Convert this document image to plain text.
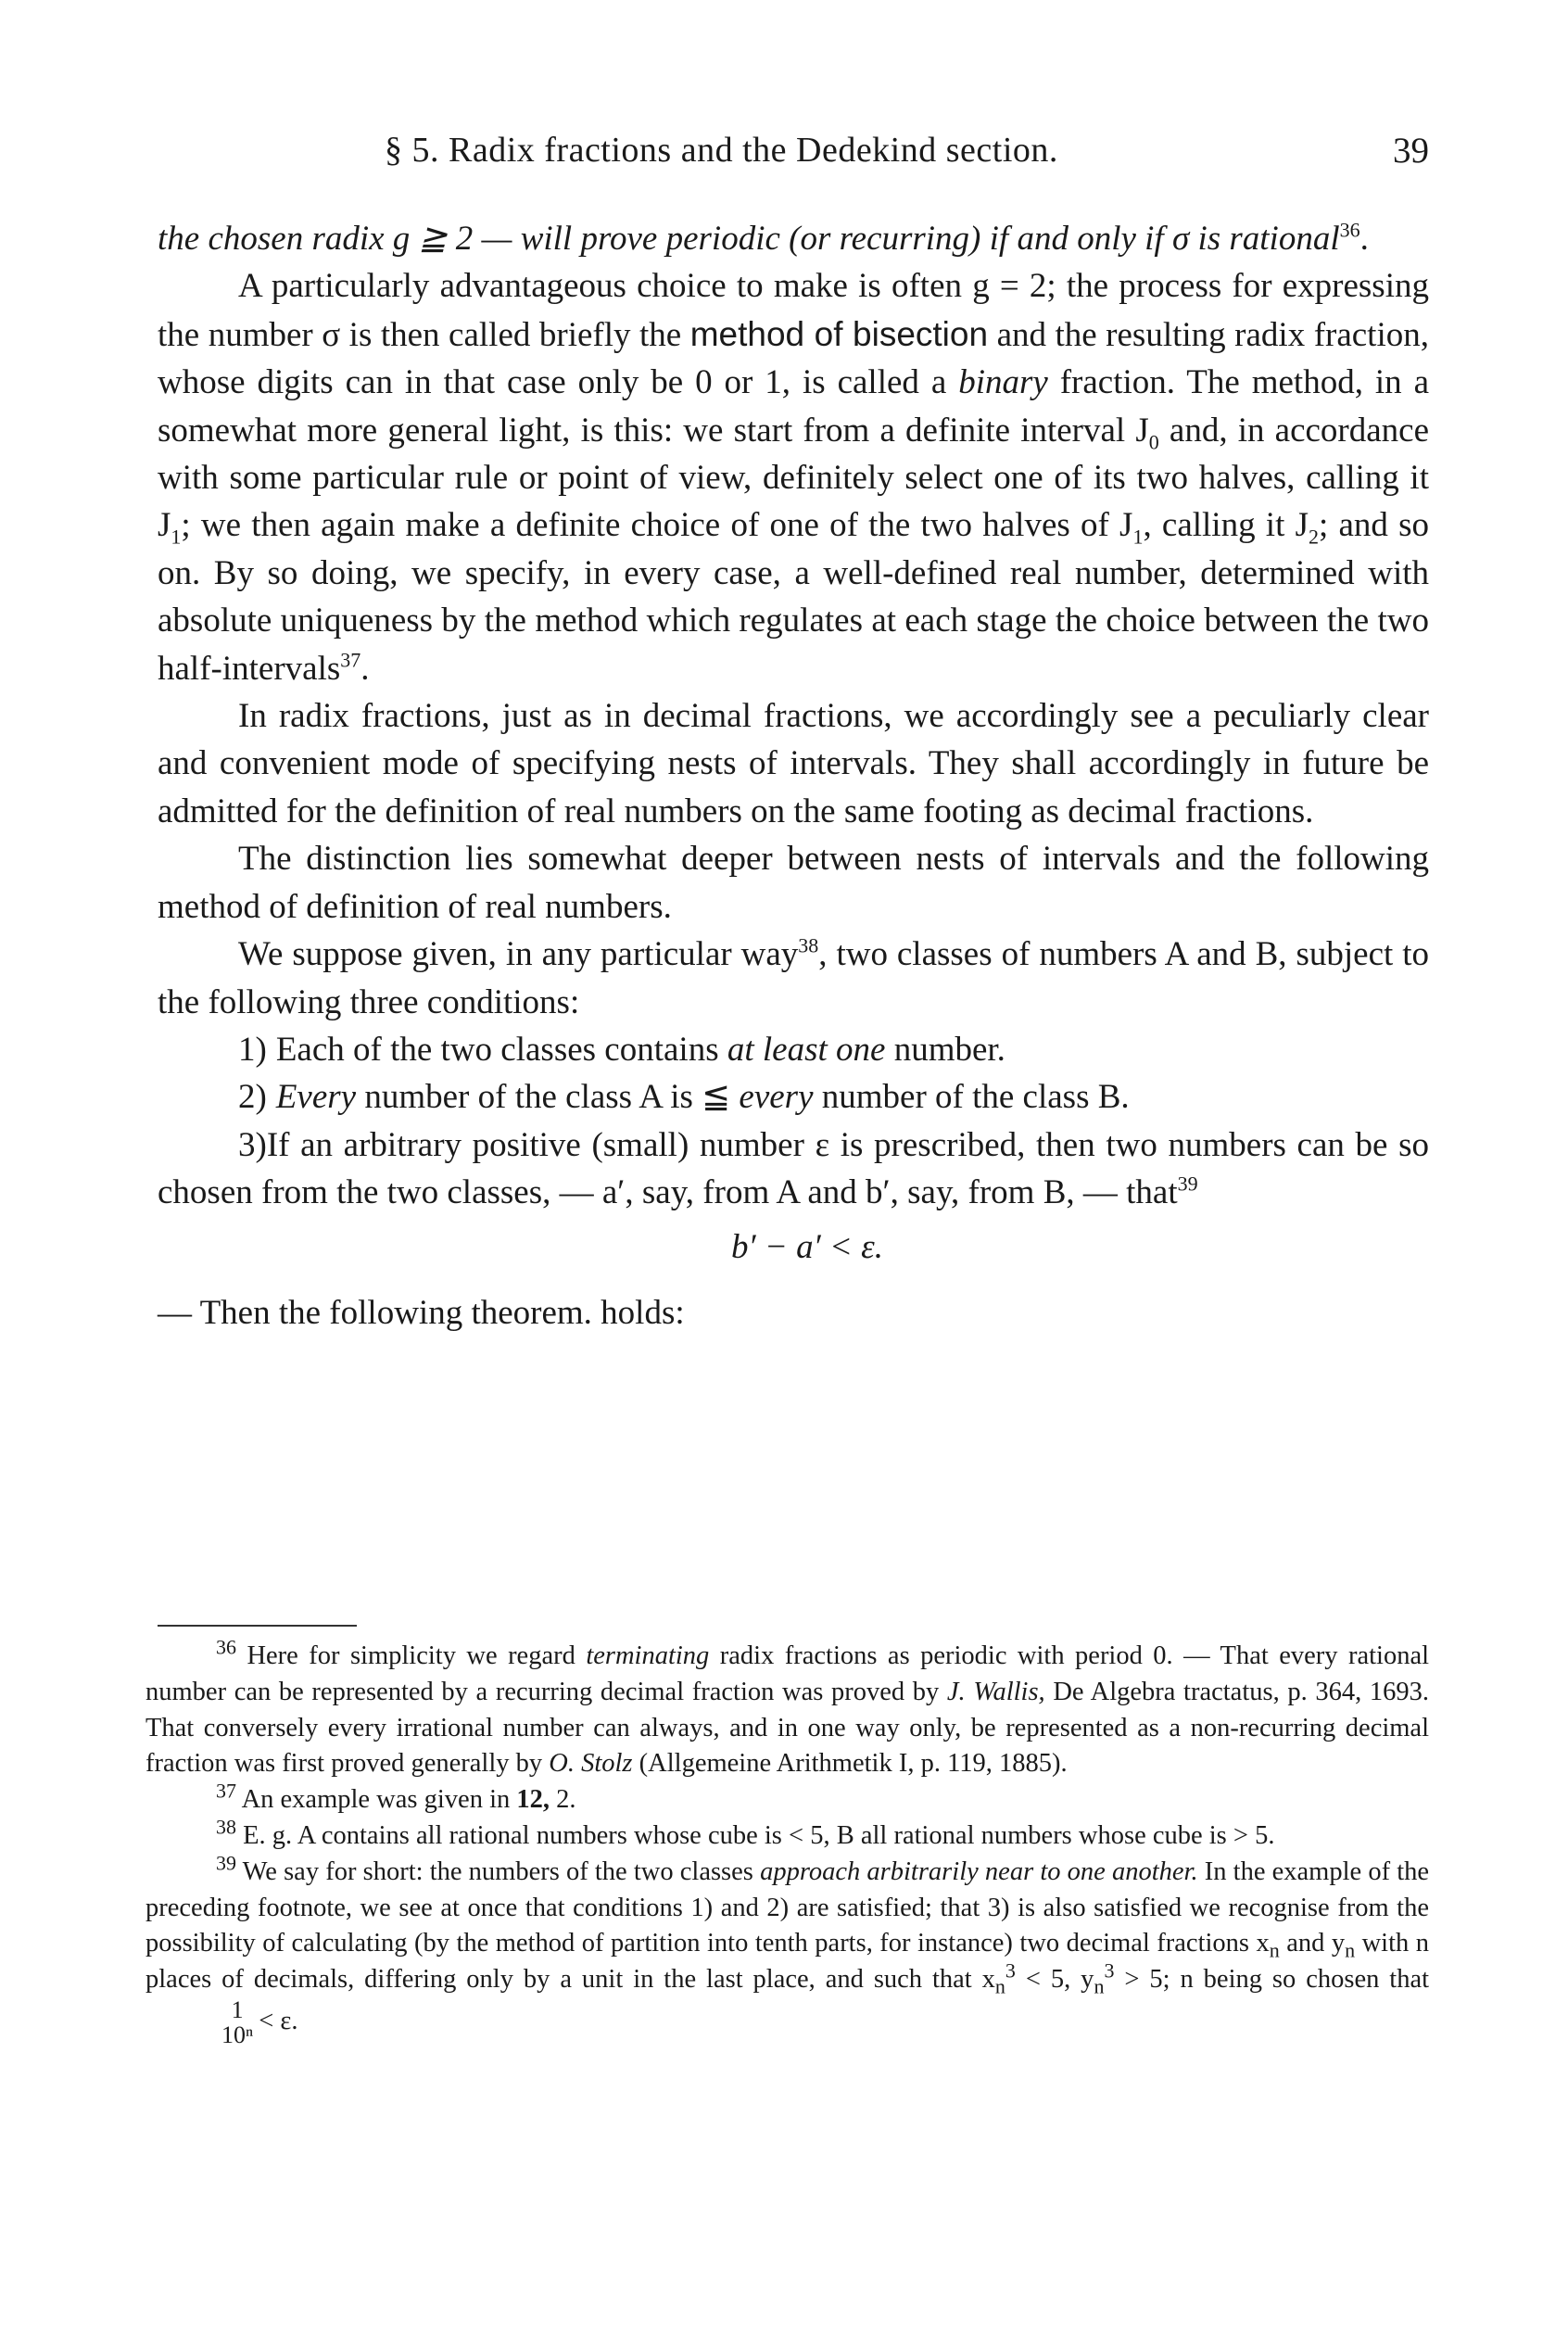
§ 5. Radix fractions and the Dedekind section.	39

the chosen radix g ≧ 2 — will prove periodic (or recurring) if and only if σ is rational$^{36}$.

A particularly advantageous choice to make is often g = 2; the process for expressing the number σ is then called briefly the method of bisection and the resulting radix fraction, whose digits can in that case only be 0 or 1, is called a binary fraction. The method, in a somewhat more general light, is this: we start from a definite interval $J_0$ and, in accordance with some particular rule or point of view, definitely select one of its two halves, calling it $J_1$; we then again make a definite choice of one of the two halves of $J_1$, calling it $J_2$; and so on. By so doing, we specify, in every case, a well-defined real number, determined with absolute uniqueness by the method which regulates at each stage the choice between the two half-intervals$^{37}$.

In radix fractions, just as in decimal fractions, we accordingly see a peculiarly clear and convenient mode of specifying nests of intervals. They shall accordingly in future be admitted for the definition of real numbers on the same footing as decimal fractions.

The distinction lies somewhat deeper between nests of intervals and the following method of definition of real numbers.

We suppose given, in any particular way$^{38}$, two classes of numbers A and B, subject to the following three conditions:

1) Each of the two classes contains at least one number.

2) Every number of the class A is ≦ every number of the class B.

3)If an arbitrary positive (small) number ε is prescribed, then two numbers can be so chosen from the two classes, — a′, say, from A and b′, say, from B, — that$^{39}$

b′ − a′ < ε.

— Then the following theorem. holds:

$^{36}$ Here for simplicity we regard terminating radix fractions as periodic with period 0. — That every rational number can be represented by a recurring decimal fraction was proved by J. Wallis, De Algebra tractatus, p. 364, 1693. That conversely every irrational number can always, and in one way only, be represented as a non-recurring decimal fraction was first proved generally by O. Stolz (Allgemeine Arithmetik I, p. 119, 1885).

$^{37}$ An example was given in 12, 2.

$^{38}$ E. g. A contains all rational numbers whose cube is < 5, B all rational numbers whose cube is > 5.

$^{39}$ We say for short: the numbers of the two classes approach arbitrarily near to one another. In the example of the preceding footnote, we see at once that conditions 1) and 2) are satisfied; that 3) is also satisfied we recognise from the possibility of calculating (by the method of partition into tenth parts, for instance) two decimal fractions $x_n$ and $y_n$ with n places of decimals, differing only by a unit in the last place, and such that $x_n^3 < 5$, $y_n^3 > 5$; n being so chosen that
1
10ⁿ < ε.
